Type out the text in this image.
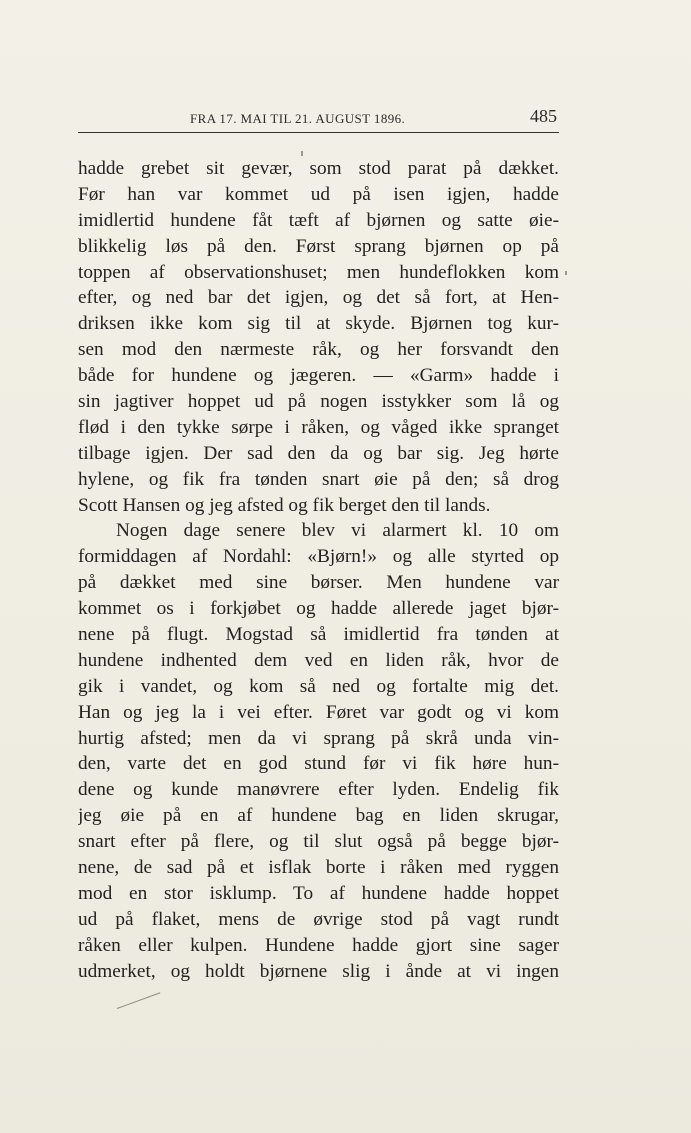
FRA 17. MAI TIL 21. AUGUST 1896.	485
hadde grebet sit gevær, som stod parat på dækket.
Før han var kommet ud på isen igjen, hadde
imidlertid hundene fåt tæft af bjørnen og satte øie-
blikkelig løs på den. Først sprang bjørnen op på
toppen af observationshuset; men hundeflokken kom
efter, og ned bar det igjen, og det så fort, at Hen-
driksen ikke kom sig til at skyde. Bjørnen tog kur-
sen mod den nærmeste råk, og her forsvandt den
både for hundene og jægeren. — «Garm» hadde i
sin jagtiver hoppet ud på nogen isstykker som lå og
flød i den tykke sørpe i råken, og våged ikke spranget
tilbage igjen. Der sad den da og bar sig. Jeg hørte
hylene, og fik fra tønden snart øie på den; så drog
Scott Hansen og jeg afsted og fik berget den til lands.
Nogen dage senere blev vi alarmert kl. 10 om
formiddagen af Nordahl: «Bjørn!» og alle styrted op
på dækket med sine børser. Men hundene var
kommet os i forkjøbet og hadde allerede jaget bjør-
nene på flugt. Mogstad så imidlertid fra tønden at
hundene indhented dem ved en liden råk, hvor de
gik i vandet, og kom så ned og fortalte mig det.
Han og jeg la i vei efter. Føret var godt og vi kom
hurtig afsted; men da vi sprang på skrå unda vin-
den, varte det en god stund før vi fik høre hun-
dene og kunde manøvrere efter lyden. Endelig fik
jeg øie på en af hundene bag en liden skrugar,
snart efter på flere, og til slut også på begge bjør-
nene, de sad på et isflak borte i råken med ryggen
mod en stor isklump. To af hundene hadde hoppet
ud på flaket, mens de øvrige stod på vagt rundt
råken eller kulpen. Hundene hadde gjort sine sager
udmerket, og holdt bjørnene slig i ånde at vi ingen
